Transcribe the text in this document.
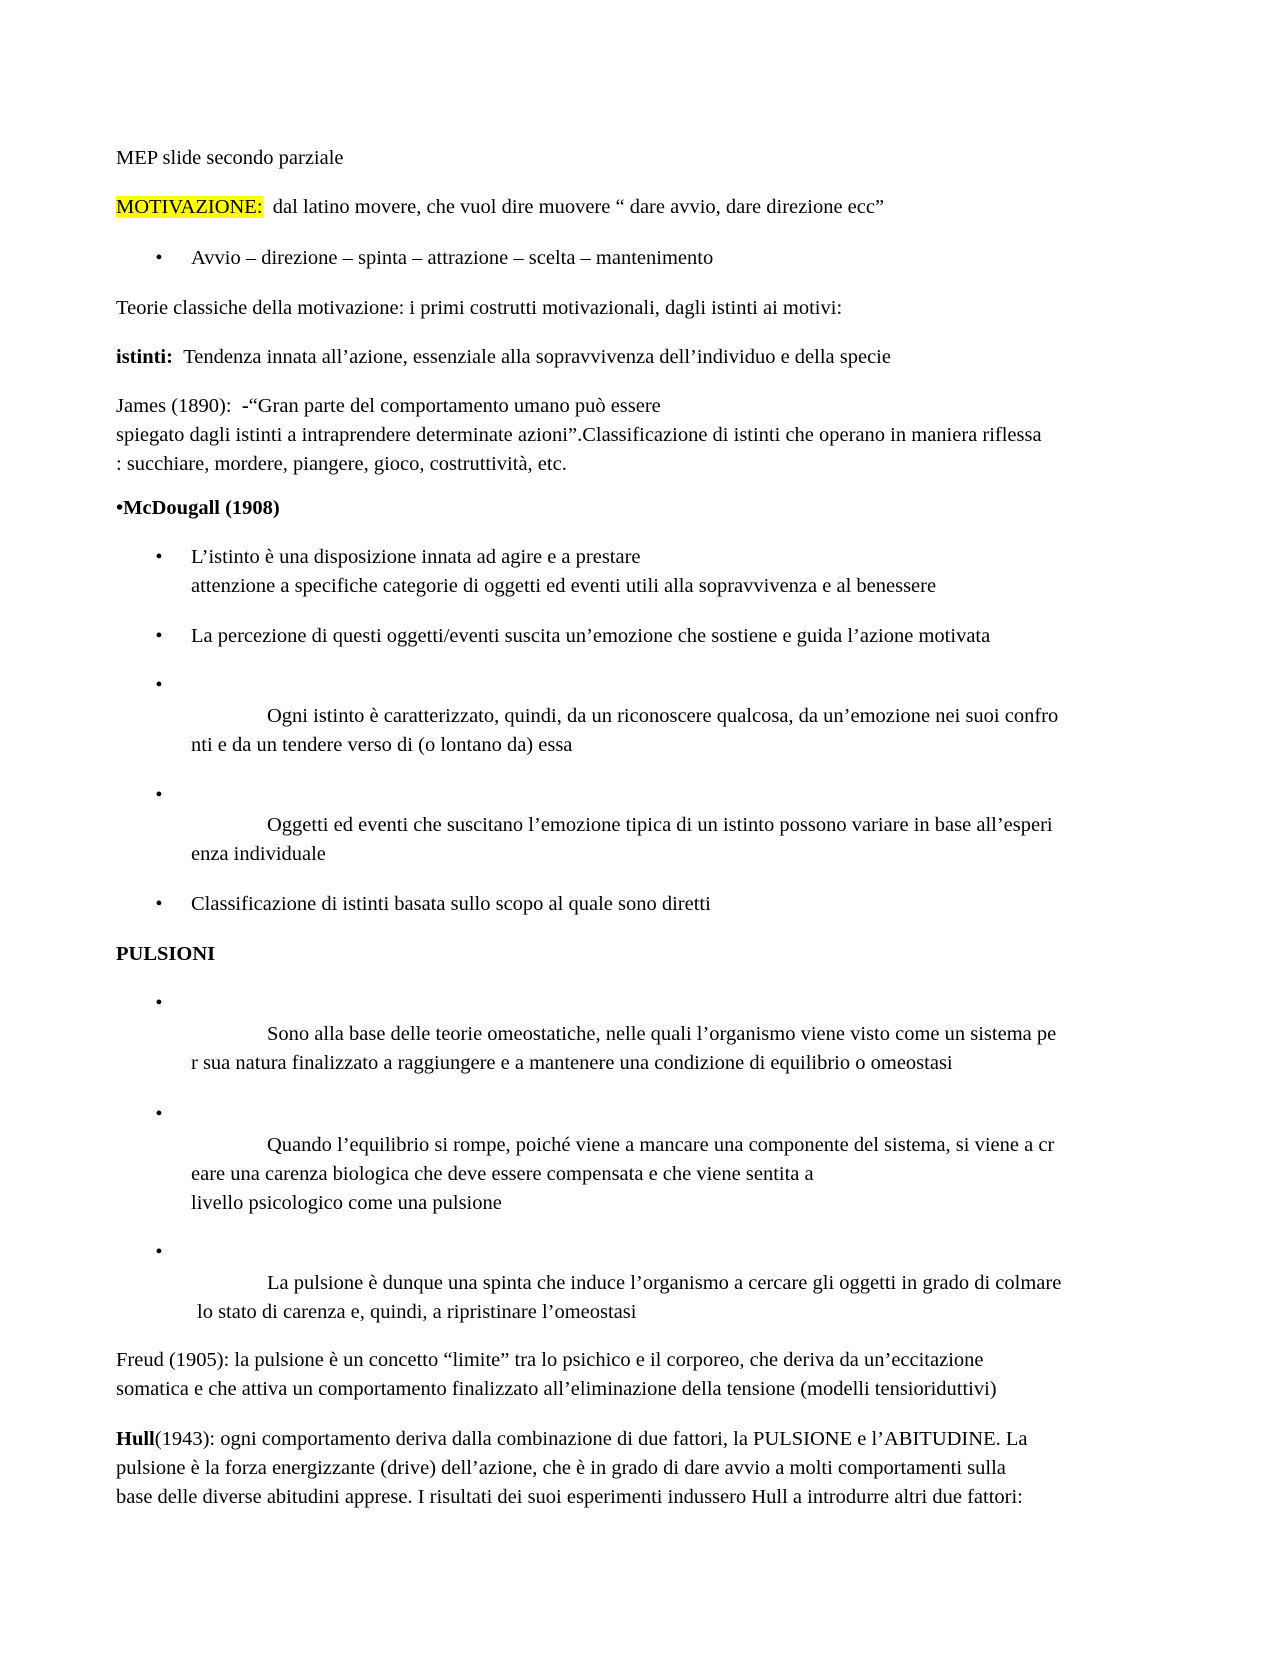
MEP slide secondo parziale

MOTIVAZIONE: dal latino movere, che vuol dire muovere “ dare avvio, dare direzione ecc”

• Avvio – direzione – spinta – attrazione – scelta – mantenimento

Teorie classiche della motivazione: i primi costrutti motivazionali, dagli istinti ai motivi:

istinti: Tendenza innata all’azione, essenziale alla sopravvivenza dell’individuo e della specie

James (1890): -“Gran parte del comportamento umano può essere
spiegato dagli istinti a intraprendere determinate azioni”.Classificazione di istinti che operano in maniera riflessa
: succhiare, mordere, piangere, gioco, costruttività, etc.

•McDougall (1908)

• L’istinto è una disposizione innata ad agire e a prestare
attenzione a specifiche categorie di oggetti ed eventi utili alla sopravvivenza e al benessere

• La percezione di questi oggetti/eventi suscita un’emozione che sostiene e guida l’azione motivata

•

Ogni istinto è caratterizzato, quindi, da un riconoscere qualcosa, da un’emozione nei suoi confro
nti e da un tendere verso di (o lontano da) essa

•

Oggetti ed eventi che suscitano l’emozione tipica di un istinto possono variare in base all’esperi
enza individuale

• Classificazione di istinti basata sullo scopo al quale sono diretti

PULSIONI

•

Sono alla base delle teorie omeostatiche, nelle quali l’organismo viene visto come un sistema pe
r sua natura finalizzato a raggiungere e a mantenere una condizione di equilibrio o omeostasi

•

Quando l’equilibrio si rompe, poiché viene a mancare una componente del sistema, si viene a cr
eare una carenza biologica che deve essere compensata e che viene sentita a
livello psicologico come una pulsione

•

La pulsione è dunque una spinta che induce l’organismo a cercare gli oggetti in grado di colmare
lo stato di carenza e, quindi, a ripristinare l’omeostasi

Freud (1905): la pulsione è un concetto “limite” tra lo psichico e il corporeo, che deriva da un’eccitazione
somatica e che attiva un comportamento finalizzato all’eliminazione della tensione (modelli tensioriduttivi)

Hull(1943): ogni comportamento deriva dalla combinazione di due fattori, la PULSIONE e l’ABITUDINE. La
pulsione è la forza energizzante (drive) dell’azione, che è in grado di dare avvio a molti comportamenti sulla
base delle diverse abitudini apprese. I risultati dei suoi esperimenti indussero Hull a introdurre altri due fattori:
